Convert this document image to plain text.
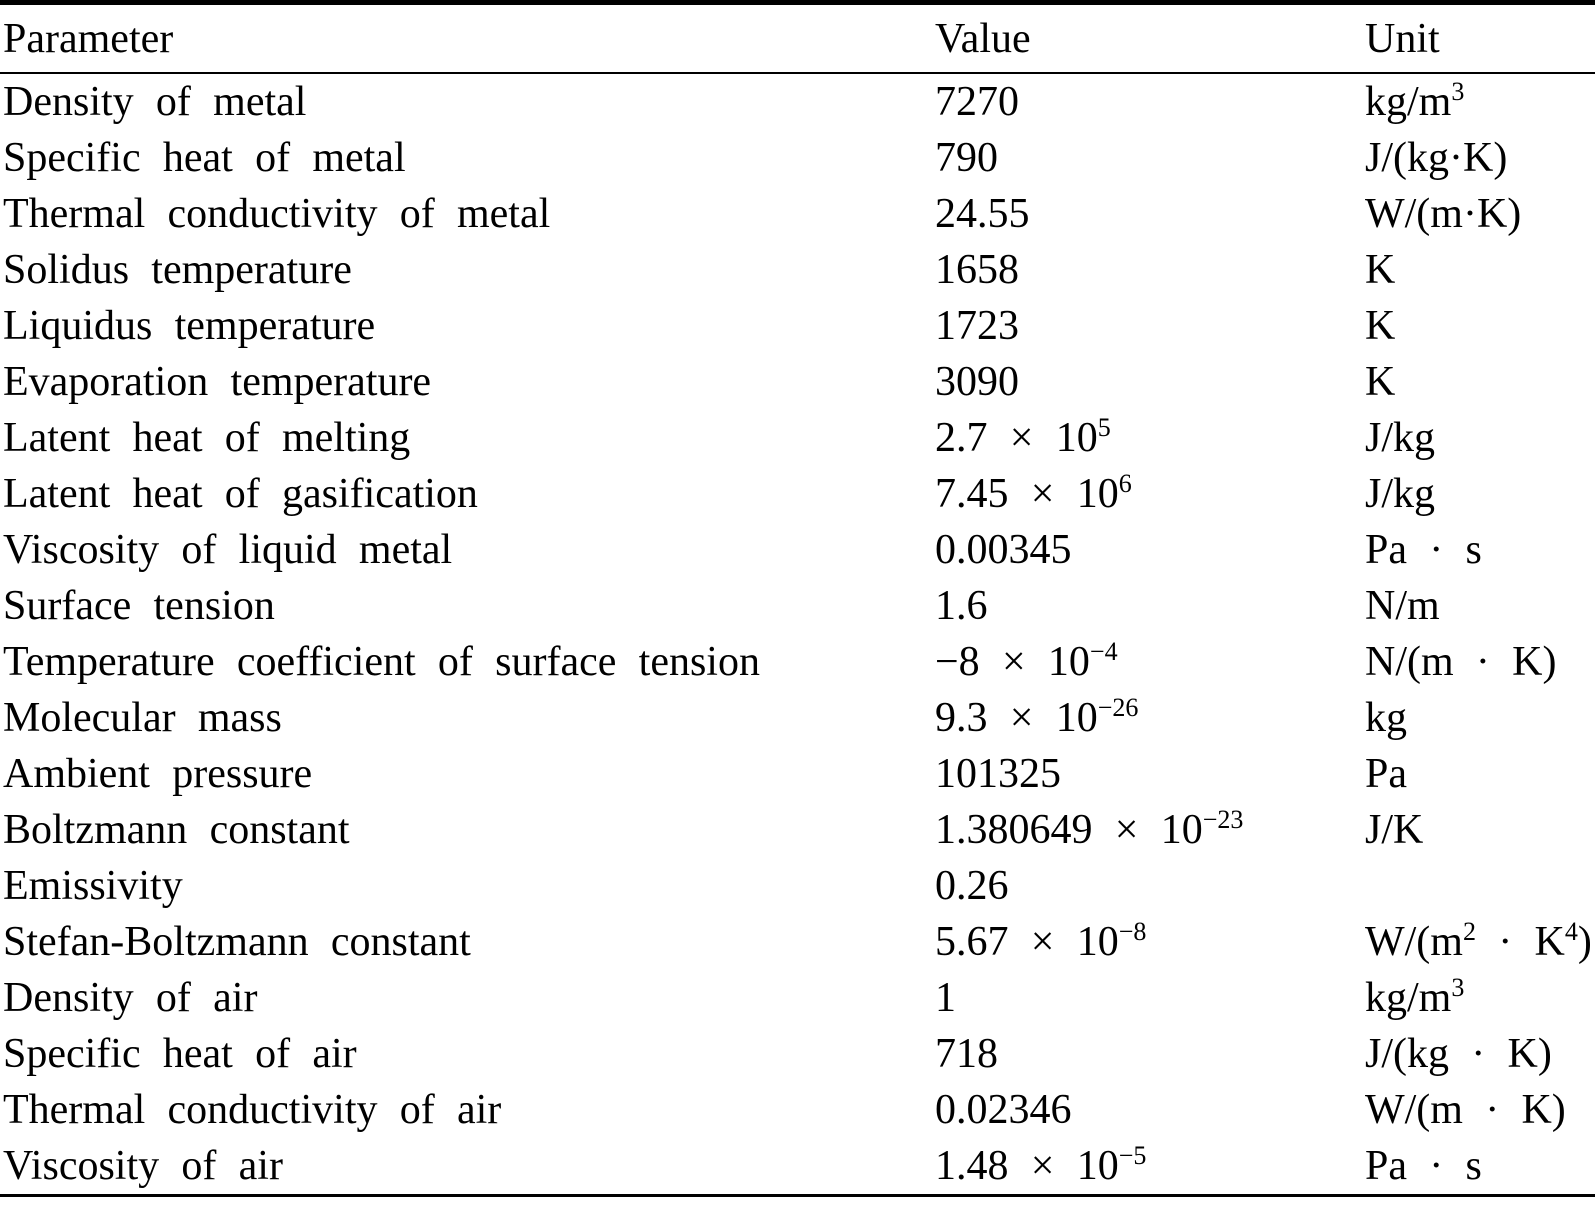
Parameter	Value	Unit
Density of metal	7270	$kg/m^3$
Specific heat of metal	790	J/(kg·K)
Thermal conductivity of metal	24.55	W/(m·K)
Solidus temperature	1658	K
Liquidus temperature	1723	K
Evaporation temperature	3090	K
Latent heat of melting	$2.7 \times 10^5$	J/kg
Latent heat of gasification	$7.45 \times 10^6$	J/kg
Viscosity of liquid metal	0.00345	Pa · s
Surface tension	1.6	N/m
Temperature coefficient of surface tension	$-8 \times 10^{-4}$	N/(m · K)
Molecular mass	$9.3 \times 10^{-26}$	kg
Ambient pressure	101325	Pa
Boltzmann constant	$1.380649 \times 10^{-23}$	J/K
Emissivity	0.26	
Stefan-Boltzmann constant	$5.67 \times 10^{-8}$	$W/(m^2 \cdot K^4)$
Density of air	1	$kg/m^3$
Specific heat of air	718	J/(kg · K)
Thermal conductivity of air	0.02346	W/(m · K)
Viscosity of air	$1.48 \times 10^{-5}$	Pa · s
